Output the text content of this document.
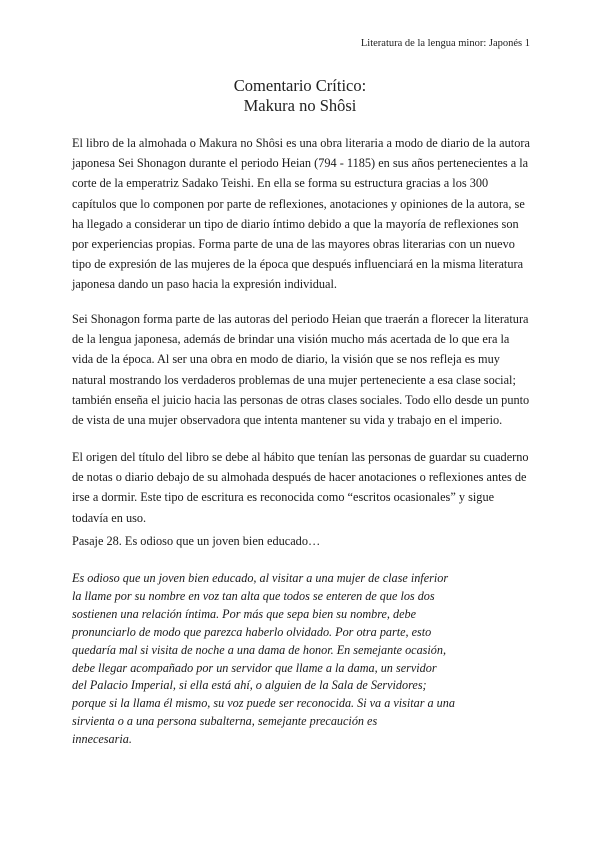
Literatura de la lengua minor: Japonés 1
Comentario Crítico:
Makura no Shôsi

El libro de la almohada o Makura no Shôsi es una obra literaria a modo de diario de la autora japonesa Sei Shonagon durante el periodo Heian (794 - 1185) en sus años pertenecientes a la corte de la emperatriz Sadako Teishi. En ella se forma su estructura gracias a los 300 capítulos que lo componen por parte de reflexiones, anotaciones y opiniones de la autora, se ha llegado a considerar un tipo de diario íntimo debido a que la mayoría de reflexiones son por experiencias propias. Forma parte de una de las mayores obras literarias con un nuevo tipo de expresión de las mujeres de la época que después influenciará en la misma literatura japonesa dando un paso hacia la expresión individual.

Sei Shonagon forma parte de las autoras del periodo Heian que traerán a florecer la literatura de la lengua japonesa, además de brindar una visión mucho más acertada de lo que era la vida de la época. Al ser una obra en modo de diario, la visión que se nos refleja es muy natural mostrando los verdaderos problemas de una mujer perteneciente a esa clase social; también enseña el juicio hacia las personas de otras clases sociales. Todo ello desde un punto de vista de una mujer observadora que intenta mantener su vida y trabajo en el imperio.

El origen del título del libro se debe al hábito que tenían las personas de guardar su cuaderno de notas o diario debajo de su almohada después de hacer anotaciones o reflexiones antes de irse a dormir. Este tipo de escritura es reconocida como “escritos ocasionales” y sigue todavía en uso.

Pasaje 28. Es odioso que un joven bien educado…

Es odioso que un joven bien educado, al visitar a una mujer de clase inferior
la llame por su nombre en voz tan alta que todos se enteren de que los dos
sostienen una relación íntima. Por más que sepa bien su nombre, debe
pronunciarlo de modo que parezca haberlo olvidado. Por otra parte, esto
quedaría mal si visita de noche a una dama de honor. En semejante ocasión,
debe llegar acompañado por un servidor que llame a la dama, un servidor
del Palacio Imperial, si ella está ahí, o alguien de la Sala de Servidores;
porque si la llama él mismo, su voz puede ser reconocida. Si va a visitar a una
sirvienta o a una persona subalterna, semejante precaución es
innecesaria.
